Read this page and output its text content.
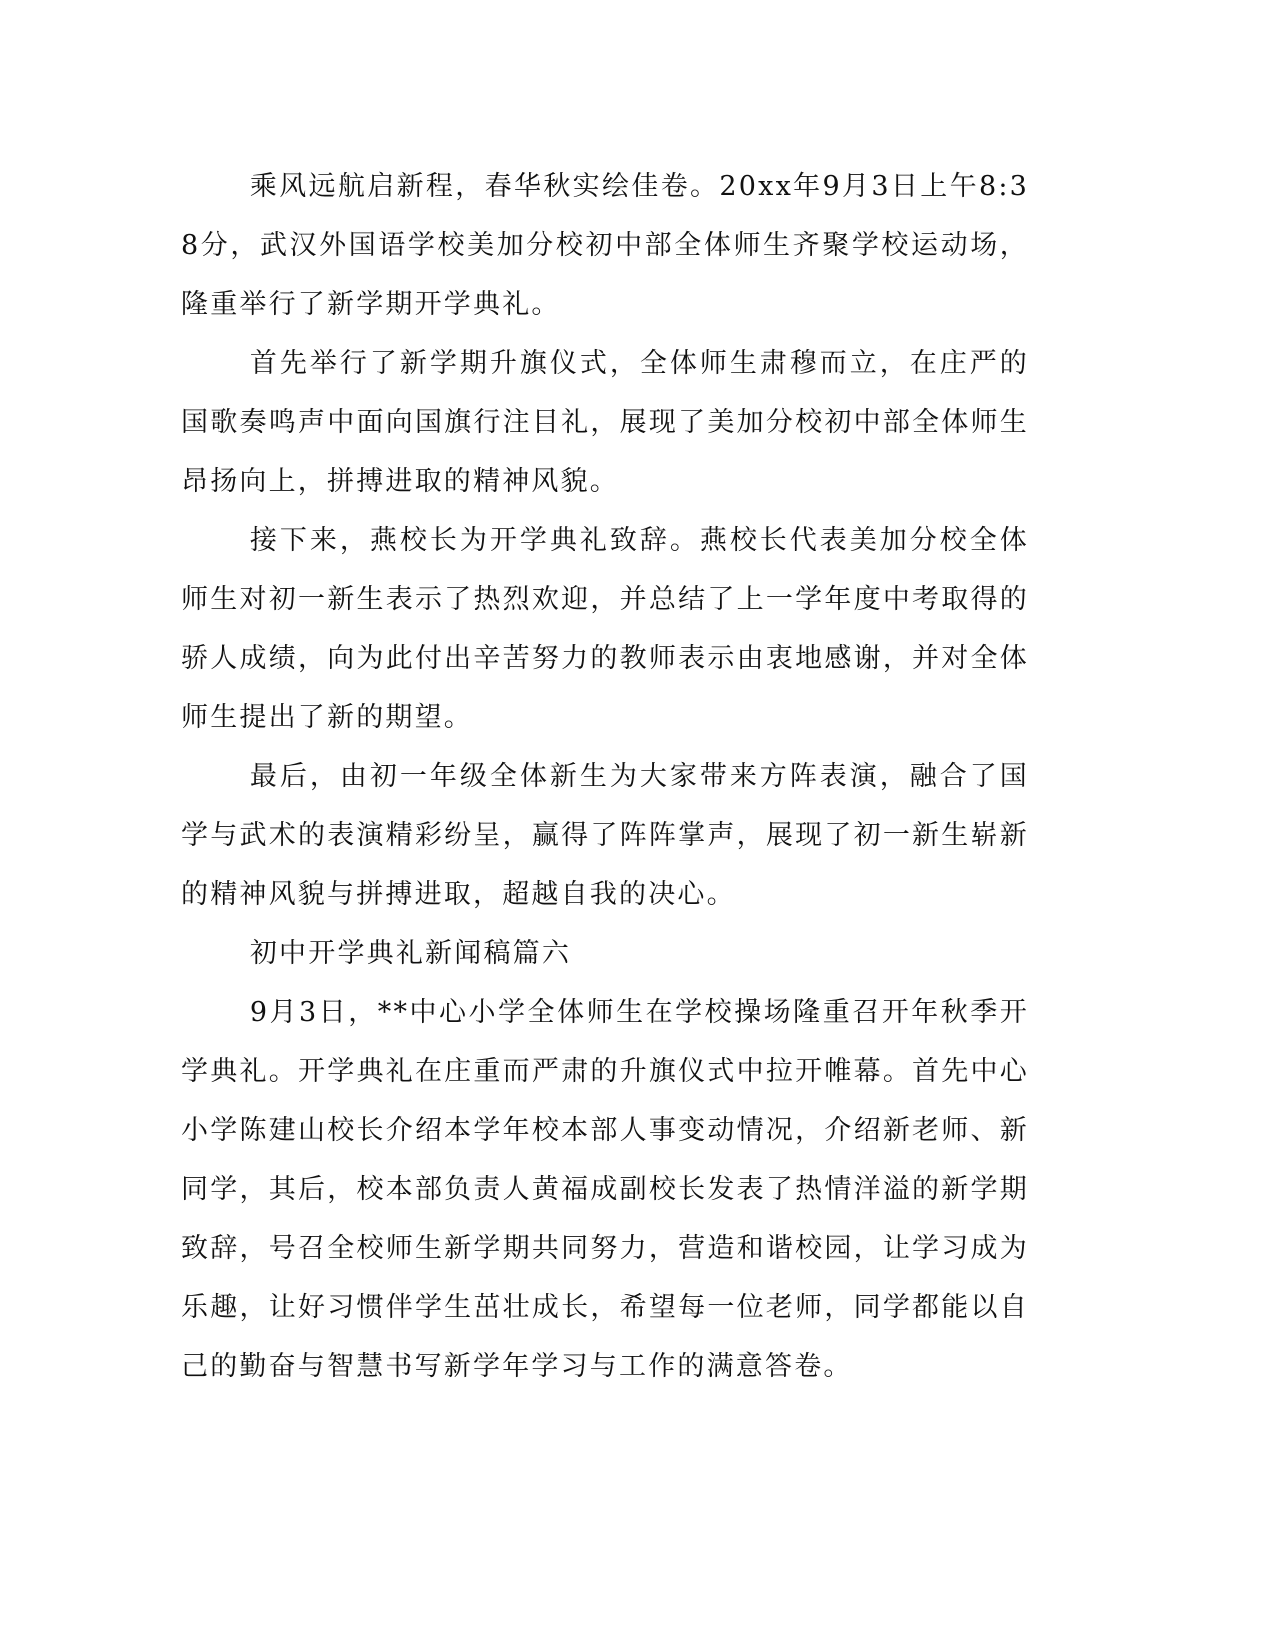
乘风远航启新程，春华秋实绘佳卷。20xx年9月3日上午8:38分，武汉外国语学校美加分校初中部全体师生齐聚学校运动场，隆重举行了新学期开学典礼。

首先举行了新学期升旗仪式，全体师生肃穆而立，在庄严的国歌奏鸣声中面向国旗行注目礼，展现了美加分校初中部全体师生昂扬向上，拼搏进取的精神风貌。

接下来，燕校长为开学典礼致辞。燕校长代表美加分校全体师生对初一新生表示了热烈欢迎，并总结了上一学年度中考取得的骄人成绩，向为此付出辛苦努力的教师表示由衷地感谢，并对全体师生提出了新的期望。

最后，由初一年级全体新生为大家带来方阵表演，融合了国学与武术的表演精彩纷呈，赢得了阵阵掌声，展现了初一新生崭新的精神风貌与拼搏进取，超越自我的决心。

初中开学典礼新闻稿篇六

9月3日，**中心小学全体师生在学校操场隆重召开年秋季开学典礼。开学典礼在庄重而严肃的升旗仪式中拉开帷幕。首先中心小学陈建山校长介绍本学年校本部人事变动情况，介绍新老师、新同学，其后，校本部负责人黄福成副校长发表了热情洋溢的新学期致辞，号召全校师生新学期共同努力，营造和谐校园，让学习成为乐趣，让好习惯伴学生茁壮成长，希望每一位老师，同学都能以自己的勤奋与智慧书写新学年学习与工作的满意答卷。
